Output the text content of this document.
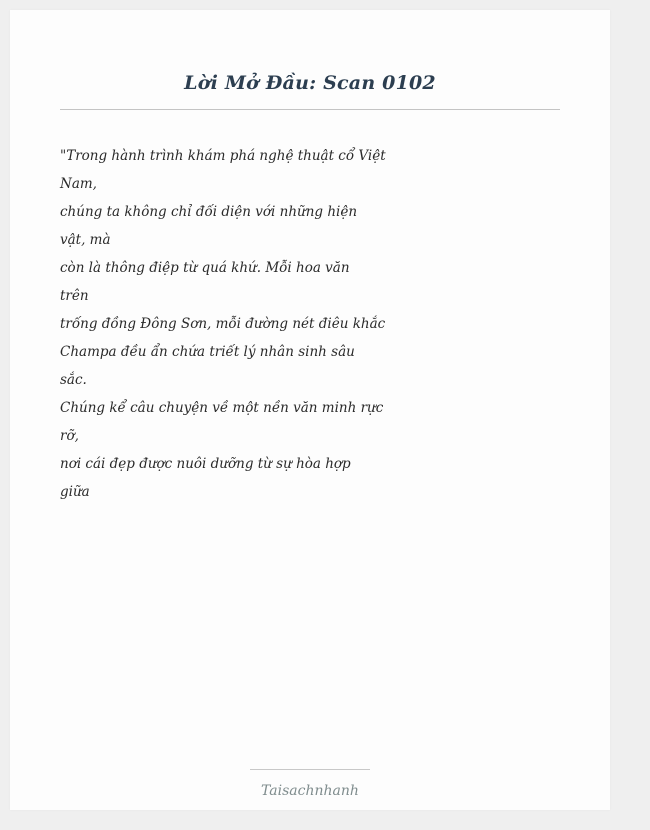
Lời Mở Đầu: Scan 0102
"Trong hành trình khám phá nghệ thuật cổ Việt
Nam,
chúng ta không chỉ đối diện với những hiện
vật, mà
còn là thông điệp từ quá khứ. Mỗi hoa văn
trên
trống đồng Đông Sơn, mỗi đường nét điêu khắc
Champa đều ẩn chứa triết lý nhân sinh sâu
sắc.
Chúng kể câu chuyện về một nền văn minh rực
rỡ,
nơi cái đẹp được nuôi dưỡng từ sự hòa hợp
giữa
Taisachnhanh
